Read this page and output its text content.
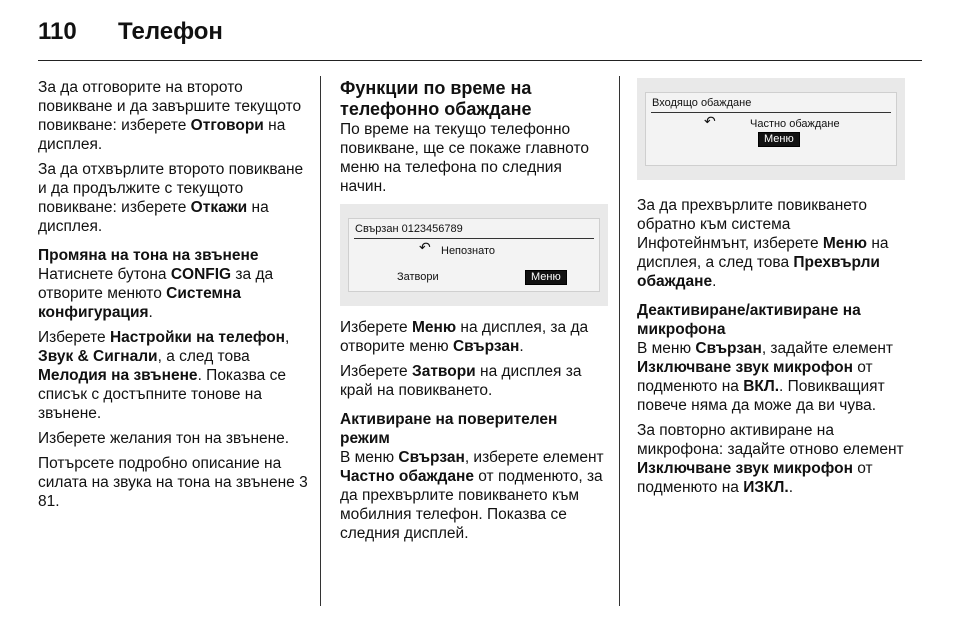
110	Телефон

За да отговорите на второто повикване и да завършите текущото повикване: изберете Отговори на дисплея.

За да отхвърлите второто повикване и да продължите с текущото повикване: изберете Откажи на дисплея.

Промяна на тона на звънене

Натиснете бутона CONFIG за да отворите менюто Системна конфигурация.

Изберете Настройки на телефон, Звук & Сигнали, а след това Мелодия на звънене. Показва се списък с достъпните тонове на звънене.

Изберете желания тон на звънене.

Потърсете подробно описание на силата на звука на тона на звънене 3 81.

Функции по време на телефонно обаждане

По време на текущо телефонно повикване, ще се покаже главното меню на телефона по следния начин.

Свързан 0123456789
↶ Непознато
Затвори	Меню

Изберете Меню на дисплея, за да отворите меню Свързан.

Изберете Затвори на дисплея за край на повикването.

Активиране на поверителен режим

В меню Свързан, изберете елемент Частно обаждане от подменюто, за да прехвърлите повикването към мобилния телефон. Показва се следния дисплей.

Входящо обаждане
↶	Частно обаждане
Меню

За да прехвърлите повикването обратно към система Инфотейнмънт, изберете Меню на дисплея, а след това Прехвърли обаждане.

Деактивиране/активиране на микрофона

В меню Свързан, задайте елемент Изключване звук микрофон от подменюто на ВКЛ.. Повикващият повече няма да може да ви чува.

За повторно активиране на микрофона: задайте отново елемент Изключване звук микрофон от подменюто на ИЗКЛ..
